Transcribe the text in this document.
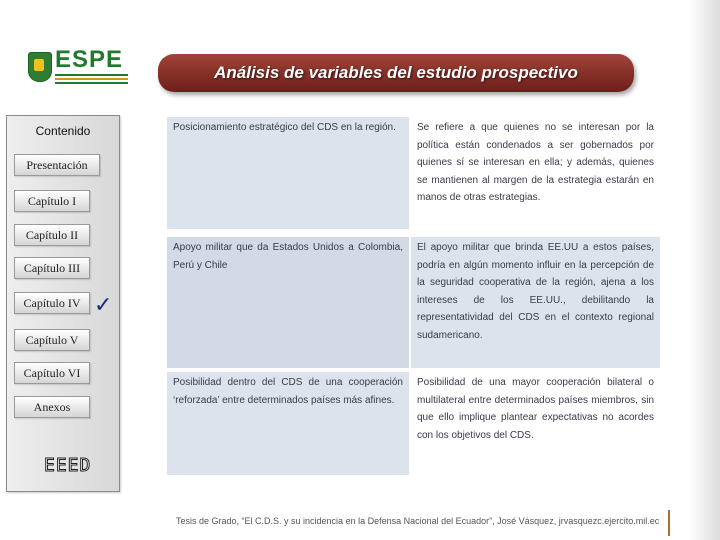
ESPE	Análisis de variables del estudio prospectivo
Contenido
Presentación
Capítulo I
Capítulo II
Capítulo III
Capítulo IV
Capítulo V
Capítulo VI
Anexos
✓
EEED
Posicionamiento estratégico del CDS en la región.	Se refiere a que quienes no se interesan por la política están condenados a ser gobernados por quienes sí se interesan en ella; y además, quienes se mantienen al margen de la estrategia estarán en manos de otras estrategias.
Apoyo militar que da Estados Unidos a Colombia, Perú y Chile
El apoyo militar que brinda EE.UU a estos países, podría en algún momento influir en la percepción de la seguridad cooperativa de la región, ajena a los intereses de los EE.UU., debilitando la representatividad del CDS en el contexto regional sudamericano.
Posibilidad dentro del CDS de una cooperación ‘reforzada’ entre determinados países más afines.
Posibilidad de una mayor cooperación bilateral o multilateral entre determinados países miembros, sin que ello implique plantear expectativas no acordes con los objetivos del CDS.
Tesis de Grado, “El C.D.S. y su incidencia en la Defensa Nacional del Ecuador”, José Vásquez, jrvasquezc.ejercito.mil.ec
